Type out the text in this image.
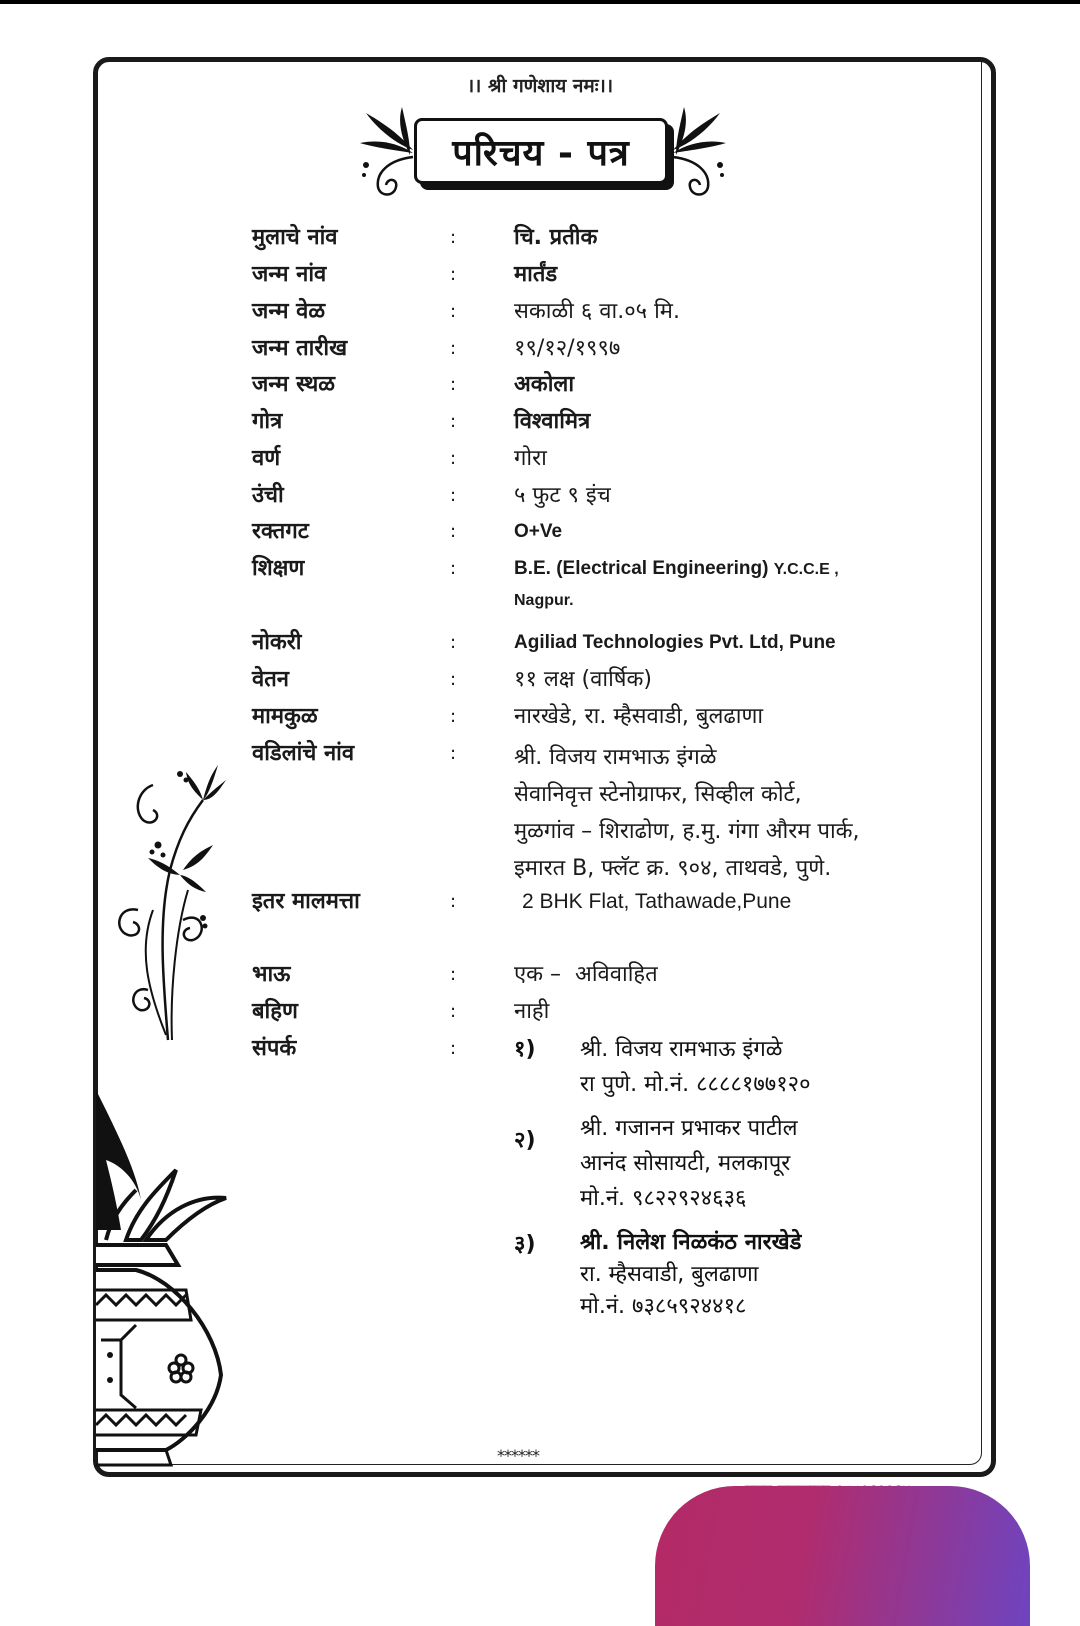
।। श्री गणेशाय नमः।।
परिचय - पत्र
मुलाचे नांव	:	चि. प्रतीक
जन्म नांव	:	मार्तंड
जन्म वेळ	:	सकाळी ६ वा.०५ मि.
जन्म तारीख	:	१९/१२/१९९७
जन्म स्थळ	:	अकोला
गोत्र	:	विश्वामित्र
वर्ण	:	गोरा
उंची	:	५ फुट ९ इंच
रक्तगट	:	O+Ve
शिक्षण	:	B.E. (Electrical Engineering) Y.C.C.E ,
Nagpur.
नोकरी	:	Agiliad Technologies Pvt. Ltd, Pune
वेतन	:	११ लक्ष (वार्षिक)
मामकुळ	:	नारखेडे, रा. म्हैसवाडी, बुलढाणा
वडिलांचे नांव	:	श्री. विजय रामभाऊ इंगळे
सेवानिवृत्त स्टेनोग्राफर, सिव्हील कोर्ट,
मुळगांव – शिराढोण, ह.मु. गंगा औरम पार्क,
इमारत B, फ्लॅट क्र. ९०४, ताथवडे, पुणे.
इतर मालमत्ता	:	2 BHK Flat, Tathawade,Pune
भाऊ	:	एक –  अविवाहित
बहिण	:	नाही
संपर्क	:	१) श्री. विजय रामभाऊ इंगळे
रा पुणे. मो.नं. ८८८८१७७१२०
२) श्री. गजानन प्रभाकर पाटील
आनंद सोसायटी, मलकापूर
मो.नं. ९८२२९२४६३६
३) श्री. निलेश निळकंठ नारखेडे
रा. म्हैसवाडी, बुलढाणा
मो.नं. ७३८५९२४४१८
******
